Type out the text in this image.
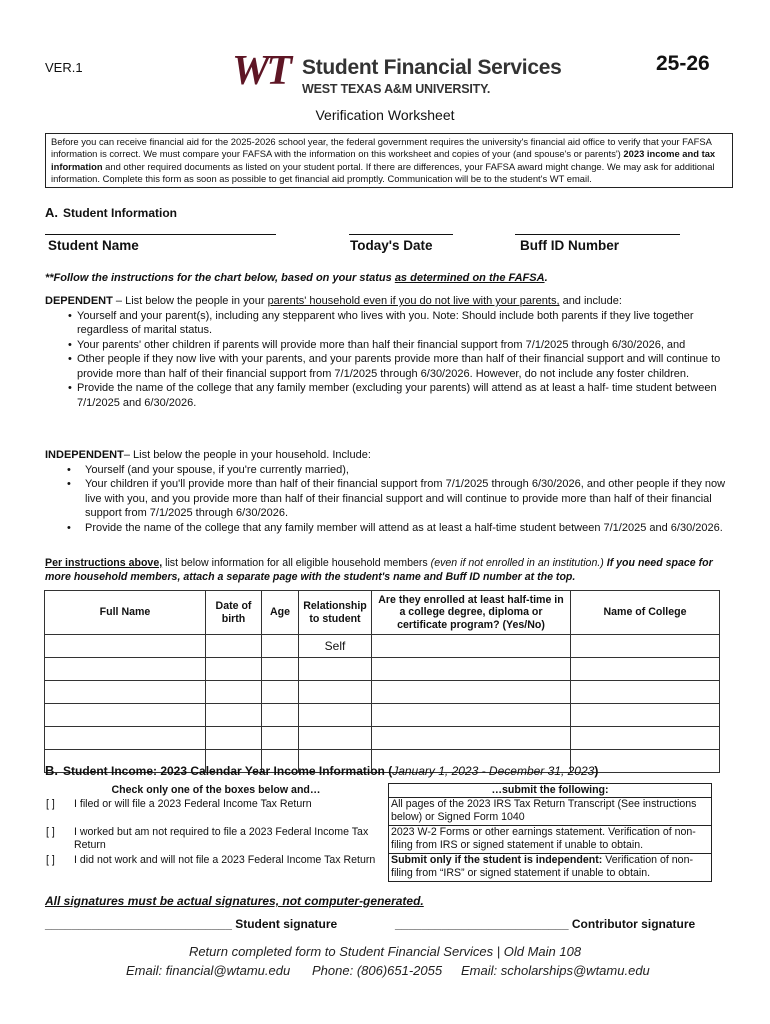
VER.1	WT Student Financial Services
WEST TEXAS A&M UNIVERSITY.
25-26
Verification Worksheet
Before you can receive financial aid for the 2025-2026 school year, the federal government requires the university's financial aid office to verify that your FAFSA information is correct. We must compare your FAFSA with the information on this worksheet and copies of your (and spouse's or parents') 2023 income and tax information and other required documents as listed on your student portal. If there are differences, your FAFSA award might change. We may ask for additional information. Complete this form as soon as possible to get financial aid promptly. Communication will be to the student's WT email.
A. Student Information
Student Name	Today's Date	Buff ID Number
**Follow the instructions for the chart below, based on your status as determined on the FAFSA.
DEPENDENT – List below the people in your parents' household even if you do not live with your parents, and include:
• Yourself and your parent(s), including any stepparent who lives with you. Note: Should include both parents if they live together regardless of marital status.
• Your parents' other children if parents will provide more than half their financial support from 7/1/2025 through 6/30/2026, and
• Other people if they now live with your parents, and your parents provide more than half of their financial support and will continue to provide more than half of their financial support from 7/1/2025 through 6/30/2026. However, do not include any foster children.
• Provide the name of the college that any family member (excluding your parents) will attend as at least a half- time student between 7/1/2025 and 6/30/2026.
INDEPENDENT– List below the people in your household. Include:
• Yourself (and your spouse, if you're currently married),
• Your children if you'll provide more than half of their financial support from 7/1/2025 through 6/30/2026, and other people if they now live with you, and you provide more than half of their financial support and will continue to provide more than half of their financial support from 7/1/2025 through 6/30/2026.
• Provide the name of the college that any family member will attend as at least a half-time student between 7/1/2025 and 6/30/2026.
Per instructions above, list below information for all eligible household members (even if not enrolled in an institution.) If you need space for more household members, attach a separate page with the student's name and Buff ID number at the top.
Full Name	Date of birth	Age	Relationship to student	Are they enrolled at least half-time in a college degree, diploma or certificate program? (Yes/No)	Name of College
			Self		

B. Student Income: 2023 Calendar Year Income Information (January 1, 2023 - December 31, 2023)
Check only one of the boxes below and…	…submit the following:
[ ] I filed or will file a 2023 Federal Income Tax Return	All pages of the 2023 IRS Tax Return Transcript (See instructions below) or Signed Form 1040

[ ] I worked but am not required to file a 2023 Federal Income Tax Return	2023 W-2 Forms or other earnings statement. Verification of non-filing from IRS or signed statement if unable to obtain.

[ ] I did not work and will not file a 2023 Federal Income Tax Return	Submit only if the student is independent: Verification of non-filing from “IRS” or signed statement if unable to obtain.
All signatures must be actual signatures, not computer-generated.
____________________________ Student signature	__________________________ Contributor signature
Return completed form to Student Financial Services | Old Main 108
Email: financial@wtamu.edu Phone: (806)651-2055 Email: scholarships@wtamu.edu
